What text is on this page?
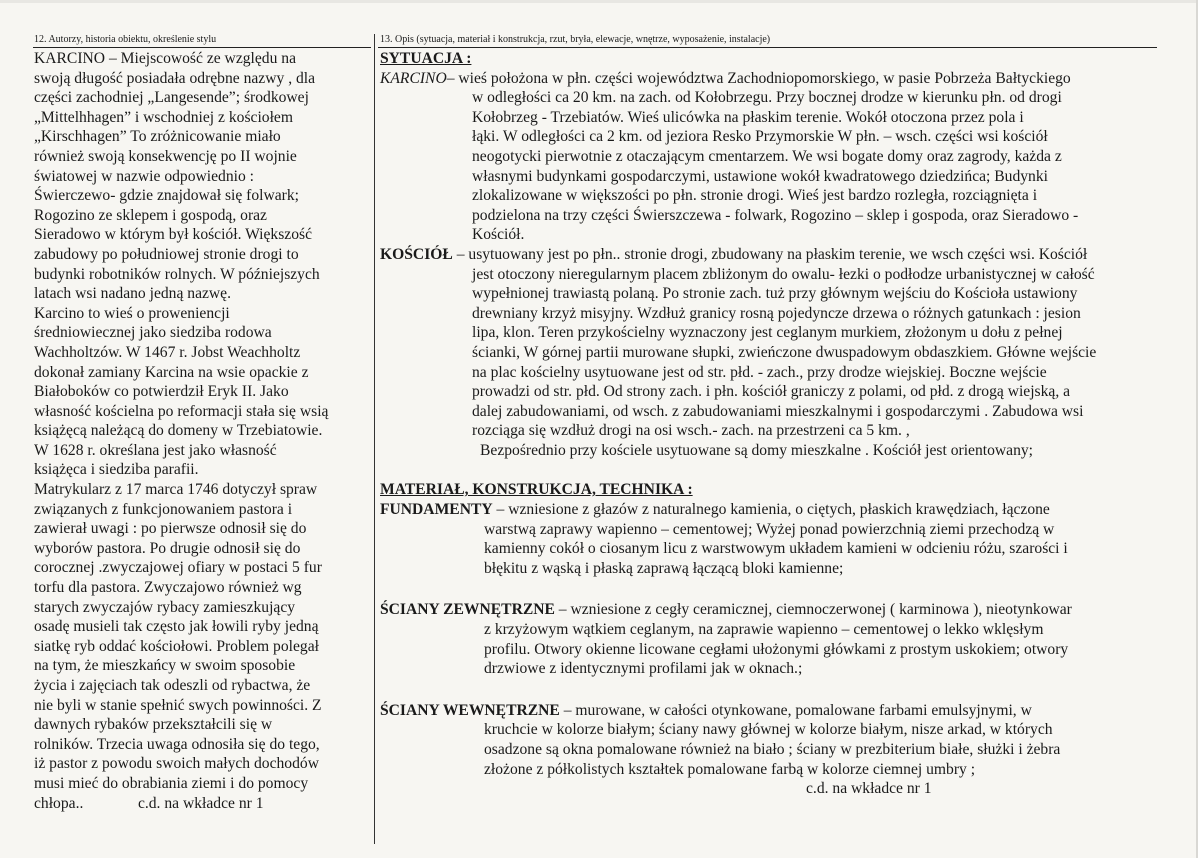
12. Autorzy, historia obiektu, określenie stylu	13. Opis (sytuacja, materiał i konstrukcja, rzut, bryła, elewacje, wnętrze, wyposażenie, instalacje)

KARCINO – Miejscowość ze względu na

swoją długość posiadała odrębne nazwy , dla

części zachodniej „Langesende”; środkowej

„Mittelhhagen” i wschodniej z kościołem

„Kirschhagen” To zróżnicowanie miało

również swoją konsekwencję po II wojnie

światowej w nazwie odpowiednio :

Świerczewo- gdzie znajdował się folwark;

Rogozino ze sklepem i gospodą, oraz

Sieradowo w którym był kościół. Większość

zabudowy po południowej stronie drogi to

budynki robotników rolnych. W późniejszych

latach wsi nadano jedną nazwę.

Karcino to wieś o prowenіencji

średniowiecznej jako siedziba rodowa

Wachholtzów. W 1467 r. Jobst Weachholtz

dokonał zamiany Karcina na wsie opackie z

Białoboków co potwierdził Eryk II. Jako

własność kościelna po reformacji stała się wsią

książęcą należącą do domeny w Trzebiatowie.

W 1628 r. określana jest jako własność

książęca i siedziba parafii.

Matrykularz z 17 marca 1746 dotyczył spraw

związanych z funkcjonowaniem pastora i

zawierał uwagi : po pierwsze odnosił się do

wyborów pastora. Po drugie odnosił się do

corocznej .zwyczajowej ofiary w postaci 5 fur

torfu dla pastora. Zwyczajowo również wg

starych zwyczajów rybacy zamieszkujący

osadę musieli tak często jak łowili ryby jedną

siatkę ryb oddać kościołowi. Problem polegał

na tym, że mieszkańcy w swoim sposobie

życia i zajęciach tak odeszli od rybactwa, że

nie byli w stanie spełnić swych powinności. Z

dawnych rybaków przekształcili się w

rolników. Trzecia uwaga odnosiła się do tego,

iż pastor z powodu swoich małych dochodów

musi mieć do obrabiania ziemi i do pomocy

chłopa..              c.d. na wkładce nr 1

SYTUACJA :
KARCINO– wieś położona w płn. części województwa Zachodniopomorskiego, w pasie Pobrzeża Bałtyckiego
w odległości ca 20 km. na zach. od Kołobrzegu. Przy bocznej drodze w kierunku płn. od drogi
Kołobrzeg - Trzebiatów. Wieś ulicówka na płaskim terenie. Wokół otoczona przez pola i
łąki. W odległości ca 2 km. od jeziora Resko Przymorskie W płn. – wsch. części wsi kościół
neogotycki pierwotnie z otaczającym cmentarzem. We wsi bogate domy oraz zagrody, każda z
własnymi budynkami gospodarczymi, ustawione wokół kwadratowego dziedzińca; Budynki
zlokalizowane w większości po płn. stronie drogi. Wieś jest bardzo rozległa, rozciągnięta i
podzielona na trzy części Świerszczewa - folwark, Rogozino – sklep i gospoda, oraz Sieradowo -
Kościół.
KOŚCIÓŁ – usytuowany jest po płn.. stronie drogi, zbudowany na płaskim terenie, we wsch części wsi. Kościół
jest otoczony nieregularnym placem zbliżonym do owalu- łezki o podłodze urbanistycznej w całość
wypełnionej trawiastą polaną. Po stronie zach. tuż przy głównym wejściu do Kościoła ustawiony
drewniany krzyż misyjny. Wzdłuż granicy rosną pojedyncze drzewa o różnych gatunkach : jesion
lipa, klon. Teren przykościelny wyznaczony jest ceglanym murkiem, złożonym u dołu z pełnej
ścianki, W górnej partii murowane słupki, zwieńczone dwuspadowym obdaszkiem. Główne wejście
na plac kościelny usytuowane jest od str. płd. - zach., przy drodze wiejskiej. Boczne wejście
prowadzi od str. płd. Od strony zach. i płn. kościół graniczy z polami, od płd. z drogą wiejską, a
dalej zabudowaniami, od wsch. z zabudowaniami mieszkalnymi i gospodarczymi . Zabudowa wsi
rozciąga się wzdłuż drogi na osi wsch.- zach. na przestrzeni ca 5 km. ,
Bezpośrednio przy kościele usytuowane są domy mieszkalne . Kościół jest orientowany;
MATERIAŁ, KONSTRUKCJA, TECHNIKA :
FUNDAMENTY – wzniesione z głazów z naturalnego kamienia, o ciętych, płaskich krawędziach, łączone
warstwą zaprawy wapienno – cementowej; Wyżej ponad powierzchnią ziemi przechodzą w
kamienny cokół o ciosanym licu z warstwowym układem kamieni w odcieniu różu, szarości i
błękitu z wąską i płaską zaprawą łączącą bloki kamienne;
ŚCIANY ZEWNĘTRZNE – wzniesione z cegły ceramicznej, ciemnoczerwonej ( karminowa ), nieotynkowar
z krzyżowym wątkiem ceglanym, na zaprawie wapienno – cementowej o lekko wklęsłym
profilu. Otwory okienne licowane cegłami ułożonymi główkami z prostym uskokiem; otwory
drzwiowe z identycznymi profilami jak w oknach.;
ŚCIANY WEWNĘTRZNE – murowane, w całości otynkowane, pomalowane farbami emulsyjnymi, w
kruchcie w kolorze białym; ściany nawy głównej w kolorze białym, nisze arkad, w których
osadzone są okna pomalowane również na biało ; ściany w prezbiterium białe, służki i żebra
złożone z półkolistych kształtek pomalowane farbą w kolorze ciemnej umbry ;
c.d. na wkładce nr 1
